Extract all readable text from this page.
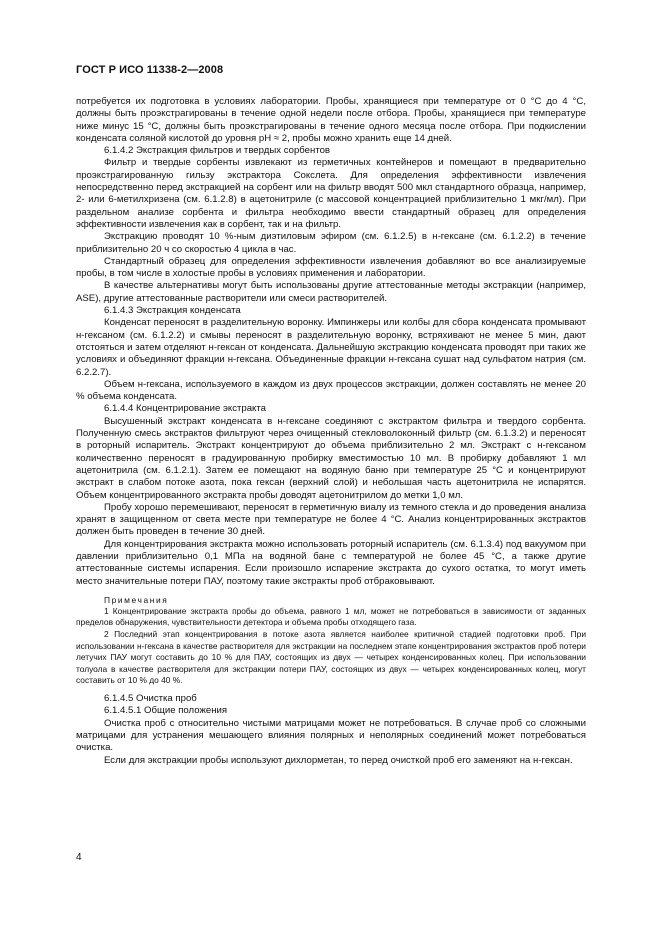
ГОСТ Р ИСО 11338-2—2008

потребуется их подготовка в условиях лаборатории. Пробы, хранящиеся при температуре от 0 °С до 4 °С, должны быть проэкстрагированы в течение одной недели после отбора. Пробы, хранящиеся при температуре ниже минус 15 °С, должны быть проэкстрагированы в течение одного месяца после отбора. При подкислении конденсата соляной кислотой до уровня pH ≈ 2, пробы можно хранить еще 14 дней.

6.1.4.2 Экстракция фильтров и твердых сорбентов

Фильтр и твердые сорбенты извлекают из герметичных контейнеров и помещают в предварительно проэкстрагированную гильзу экстрактора Сокслета. Для определения эффективности извлечения непосредственно перед экстракцией на сорбент или на фильтр вводят 500 мкл стандартного образца, например, 2- или 6-метилхризена (см. 6.1.2.8) в ацетонитриле (с массовой концентрацией приблизительно 1 мкг/мл). При раздельном анализе сорбента и фильтра необходимо ввести стандартный образец для определения эффективности извлечения как в сорбент, так и на фильтр.

Экстракцию проводят 10 %-ным диэтиловым эфиром (см. 6.1.2.5) в н-гексане (см. 6.1.2.2) в течение приблизительно 20 ч со скоростью 4 цикла в час.

Стандартный образец для определения эффективности извлечения добавляют во все анализируемые пробы, в том числе в холостые пробы в условиях применения и лаборатории.

В качестве альтернативы могут быть использованы другие аттестованные методы экстракции (например, ASE), другие аттестованные растворители или смеси растворителей.

6.1.4.3 Экстракция конденсата

Конденсат переносят в разделительную воронку. Импинжеры или колбы для сбора конденсата промывают н-гексаном (см. 6.1.2.2) и смывы переносят в разделительную воронку, встряхивают не менее 5 мин, дают отстояться и затем отделяют н-гексан от конденсата. Дальнейшую экстракцию конденсата проводят при таких же условиях и объединяют фракции н-гексана. Объединенные фракции н-гексана сушат над сульфатом натрия (см. 6.2.2.7).

Объем н-гексана, используемого в каждом из двух процессов экстракции, должен составлять не менее 20 % объема конденсата.

6.1.4.4 Концентрирование экстракта

Высушенный экстракт конденсата в н-гексане соединяют с экстрактом фильтра и твердого сорбента. Полученную смесь экстрактов фильтруют через очищенный стекловолоконный фильтр (см. 6.1.3.2) и переносят в роторный испаритель. Экстракт концентрируют до объема приблизительно 2 мл. Экстракт с н-гексаном количественно переносят в градуированную пробирку вместимостью 10 мл. В пробирку добавляют 1 мл ацетонитрила (см. 6.1.2.1). Затем ее помещают на водяную баню при температуре 25 °С и концентрируют экстракт в слабом потоке азота, пока гексан (верхний слой) и небольшая часть ацетонитрила не испарятся. Объем концентрированного экстракта пробы доводят ацетонитрилом до метки 1,0 мл.

Пробу хорошо перемешивают, переносят в герметичную виалу из темного стекла и до проведения анализа хранят в защищенном от света месте при температуре не более 4 °С. Анализ концентрированных экстрактов должен быть проведен в течение 30 дней.

Для концентрирования экстракта можно использовать роторный испаритель (см. 6.1.3.4) под вакуумом при давлении приблизительно 0,1 МПа на водяной бане с температурой не более 45 °С, а также другие аттестованные системы испарения. Если произошло испарение экстракта до сухого остатка, то могут иметь место значительные потери ПАУ, поэтому такие экстракты проб отбраковывают.

Примечания

1 Концентрирование экстракта пробы до объема, равного 1 мл, может не потребоваться в зависимости от заданных пределов обнаружения, чувствительности детектора и объема пробы отходящего газа.

2 Последний этап концентрирования в потоке азота является наиболее критичной стадией подготовки проб. При использовании н-гексана в качестве растворителя для экстракции на последнем этапе концентрирования экстрактов проб потери летучих ПАУ могут составить до 10 % для ПАУ, состоящих из двух — четырех конденсированных колец. При использовании толуола в качестве растворителя для экстракции потери ПАУ, состоящих из двух — четырех конденсированных колец, могут составить от 10 % до 40 %.

6.1.4.5 Очистка проб

6.1.4.5.1 Общие положения

Очистка проб с относительно чистыми матрицами может не потребоваться. В случае проб со сложными матрицами для устранения мешающего влияния полярных и неполярных соединений может потребоваться очистка.

Если для экстракции пробы используют дихлорметан, то перед очисткой проб его заменяют на н-гексан.

4
